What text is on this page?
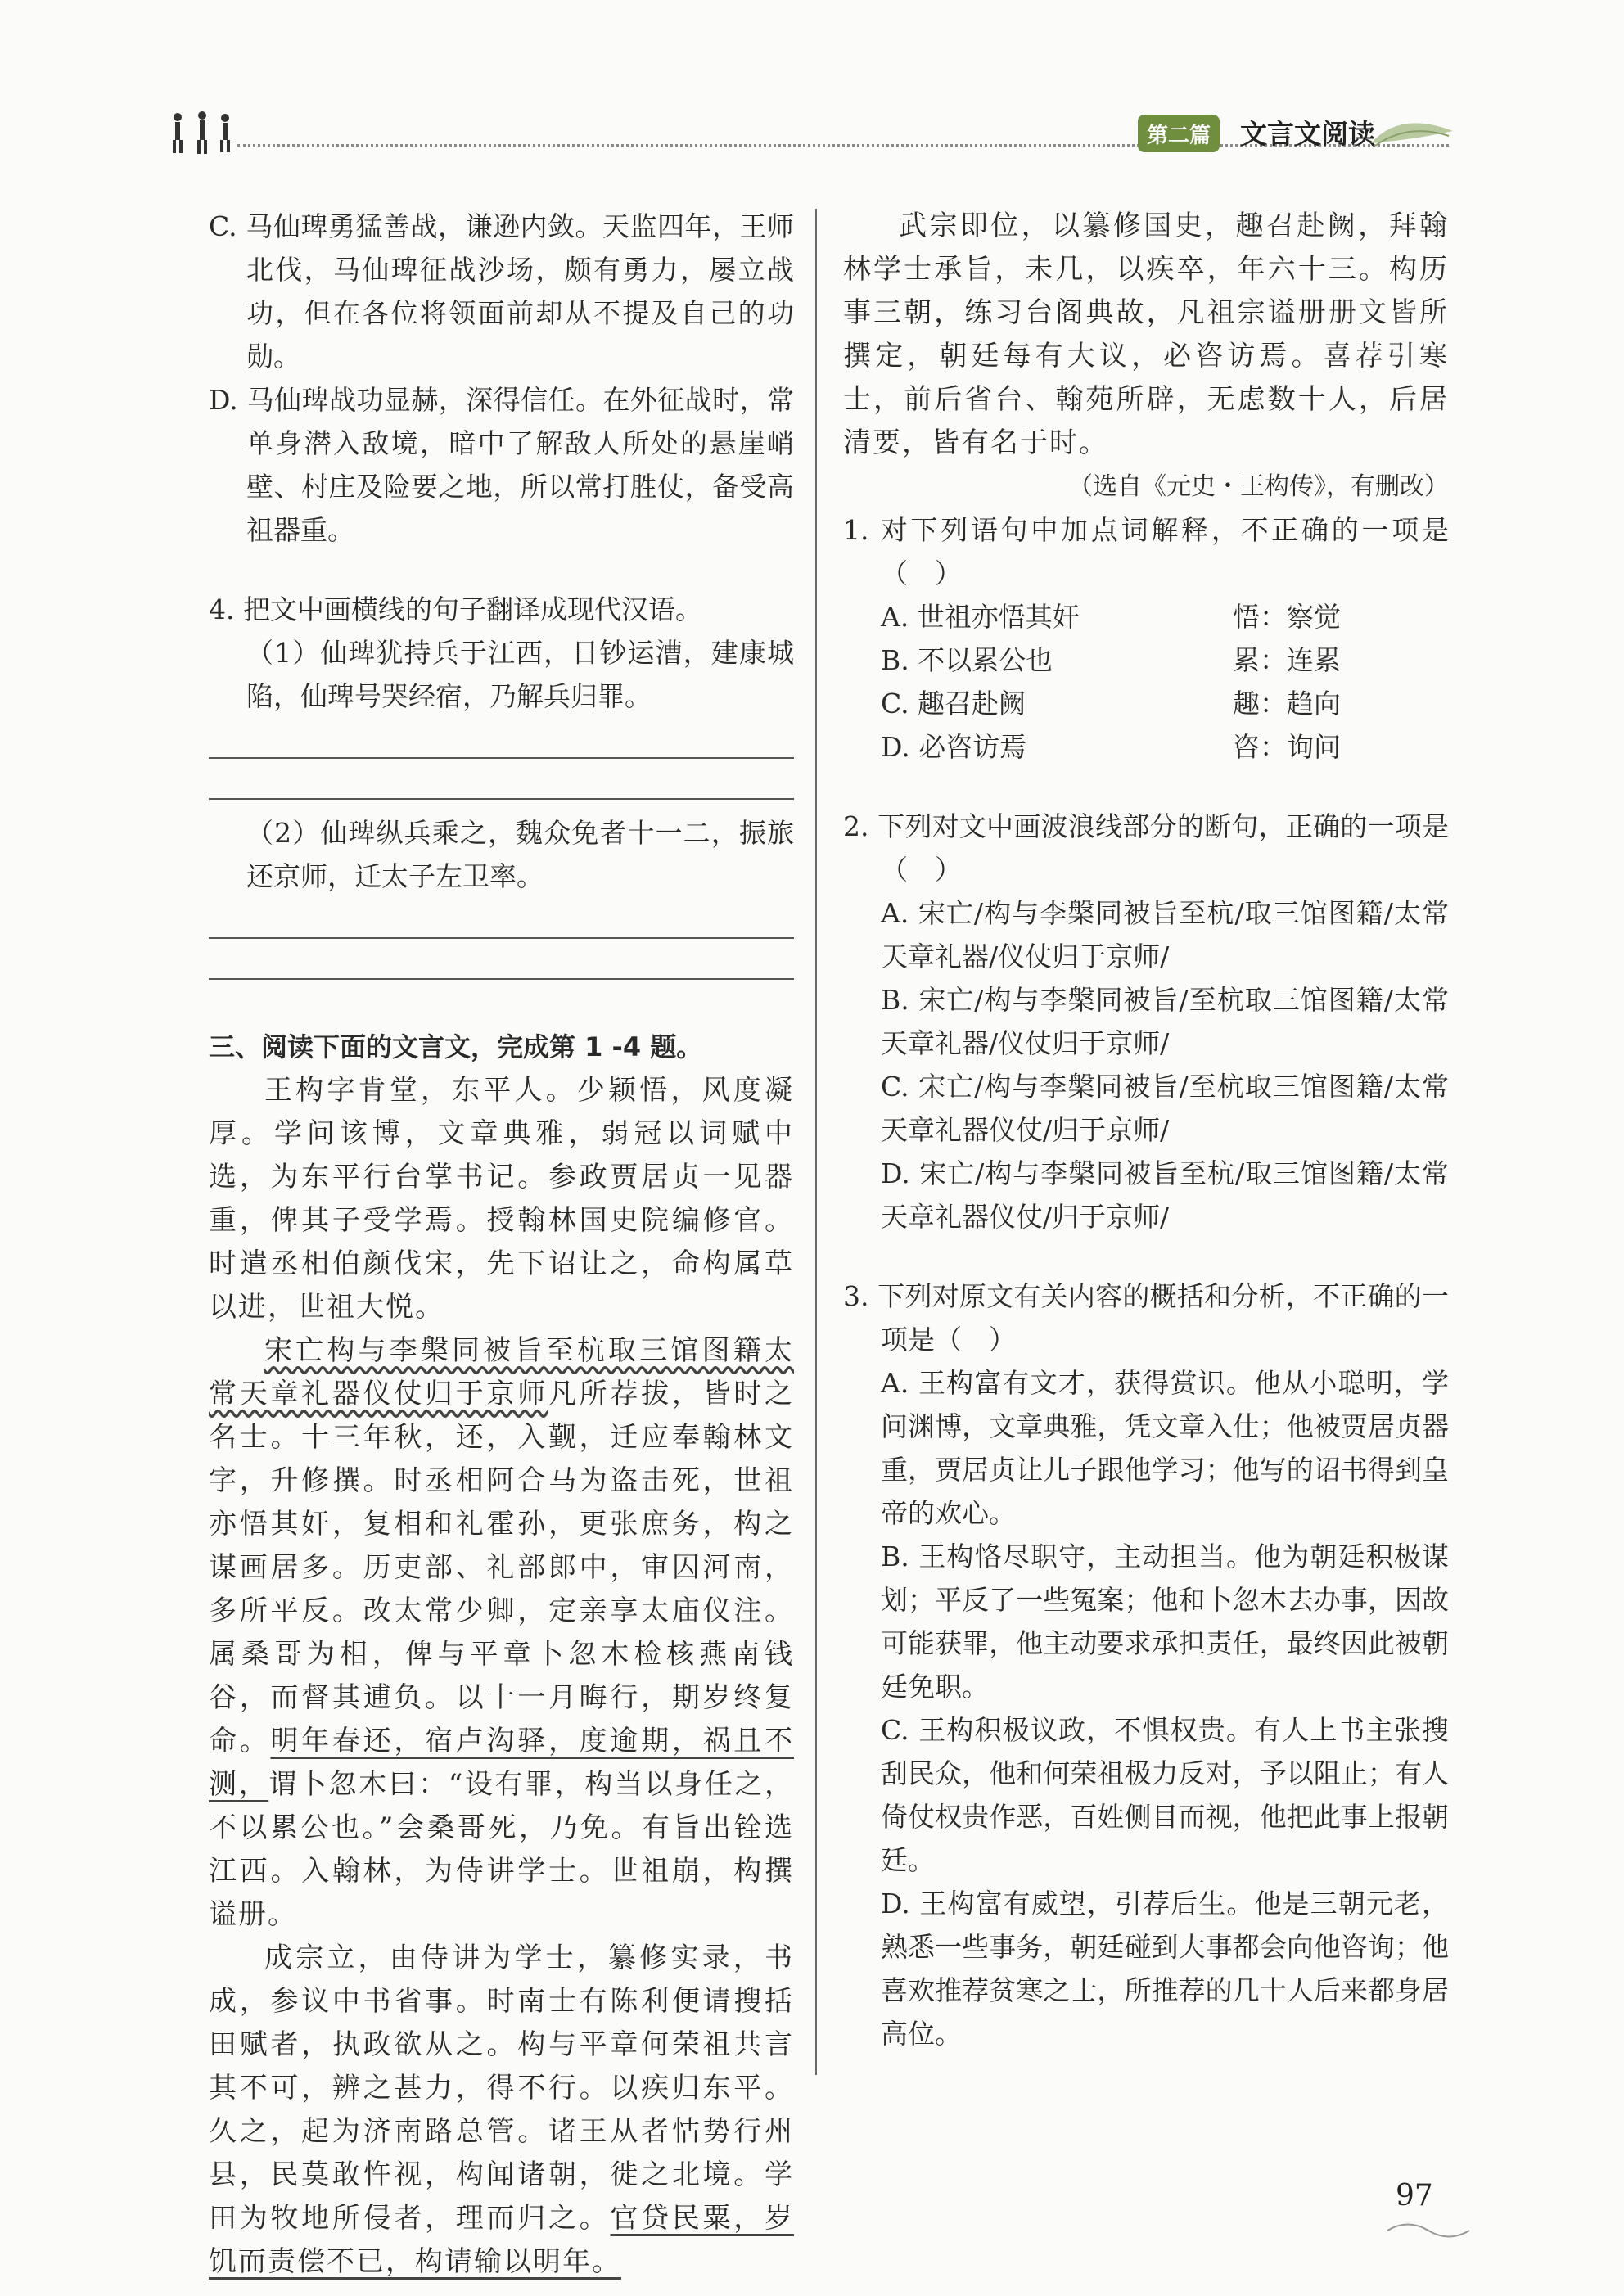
第二篇	文言文阅读

C. 马仙琕勇猛善战，谦逊内敛。天监四年，王师北伐，马仙琕征战沙场，颇有勇力，屡立战功，但在各位将领面前却从不提及自己的功勋。

D. 马仙琕战功显赫，深得信任。在外征战时，常单身潜入敌境，暗中了解敌人所处的悬崖峭壁、村庄及险要之地，所以常打胜仗，备受高祖器重。

4. 把文中画横线的句子翻译成现代汉语。

（1）仙琕犹持兵于江西，日钞运漕，建康城陷，仙琕号哭经宿，乃解兵归罪。

（2）仙琕纵兵乘之，魏众免者十一二，振旅还京师，迁太子左卫率。

三、阅读下面的文言文，完成第 1 -4 题。

王构字肯堂，东平人。少颖悟，风度凝厚。学问该博，文章典雅，弱冠以词赋中选，为东平行台掌书记。参政贾居贞一见器重，俾其子受学焉。授翰林国史院编修官。时遣丞相伯颜伐宋，先下诏让之，命构属草以进，世祖大悦。

宋亡构与李槃同被旨至杭取三馆图籍太常天章礼器仪仗归于京师凡所荐拔，皆时之名士。十三年秋，还，入觐，迁应奉翰林文字，升修撰。时丞相阿合马为盗击死，世祖亦悟其奸，复相和礼霍孙，更张庶务，构之谋画居多。历吏部、礼部郎中，审囚河南，多所平反。改太常少卿，定亲享太庙仪注。属桑哥为相，俾与平章卜忽木检核燕南钱谷，而督其逋负。以十一月晦行，期岁终复命。明年春还，宿卢沟驿，度逾期，祸且不测，谓卜忽木曰：“设有罪，构当以身任之，不以累公也。”会桑哥死，乃免。有旨出铨选江西。入翰林，为侍讲学士。世祖崩，构撰谥册。

成宗立，由侍讲为学士，纂修实录，书成，参议中书省事。时南士有陈利便请搜括田赋者，执政欲从之。构与平章何荣祖共言其不可，辨之甚力，得不行。以疾归东平。久之，起为济南路总管。诸王从者怙势行州县，民莫敢忤视，构闻诸朝，徙之北境。学田为牧地所侵者，理而归之。官贷民粟，岁饥而责偿不已，构请输以明年。

武宗即位，以纂修国史，趣召赴阙，拜翰林学士承旨，未几，以疾卒，年六十三。构历事三朝，练习台阁典故，凡祖宗谥册册文皆所撰定，朝廷每有大议，必咨访焉。喜荐引寒士，前后省台、翰苑所辟，无虑数十人，后居清要，皆有名于时。

（选自《元史・王构传》，有删改）

1. 对下列语句中加点词解释，不正确的一项是（　）

A. 世祖亦悟其奸	悟：察觉
B. 不以累公也	累：连累
C. 趣召赴阙	趣：趋向
D. 必咨访焉	咨：询问

2. 下列对文中画波浪线部分的断句，正确的一项是（　）

A. 宋亡/构与李槃同被旨至杭/取三馆图籍/太常天章礼器/仪仗归于京师/

B. 宋亡/构与李槃同被旨/至杭取三馆图籍/太常天章礼器/仪仗归于京师/

C. 宋亡/构与李槃同被旨/至杭取三馆图籍/太常天章礼器仪仗/归于京师/

D. 宋亡/构与李槃同被旨至杭/取三馆图籍/太常天章礼器仪仗/归于京师/

3. 下列对原文有关内容的概括和分析，不正确的一项是（　）

A. 王构富有文才，获得赏识。他从小聪明，学问渊博，文章典雅，凭文章入仕；他被贾居贞器重，贾居贞让儿子跟他学习；他写的诏书得到皇帝的欢心。

B. 王构恪尽职守，主动担当。他为朝廷积极谋划；平反了一些冤案；他和卜忽木去办事，因故可能获罪，他主动要求承担责任，最终因此被朝廷免职。

C. 王构积极议政，不惧权贵。有人上书主张搜刮民众，他和何荣祖极力反对，予以阻止；有人倚仗权贵作恶，百姓侧目而视，他把此事上报朝廷。

D. 王构富有威望，引荐后生。他是三朝元老，熟悉一些事务，朝廷碰到大事都会向他咨询；他喜欢推荐贫寒之士，所推荐的几十人后来都身居高位。

97
